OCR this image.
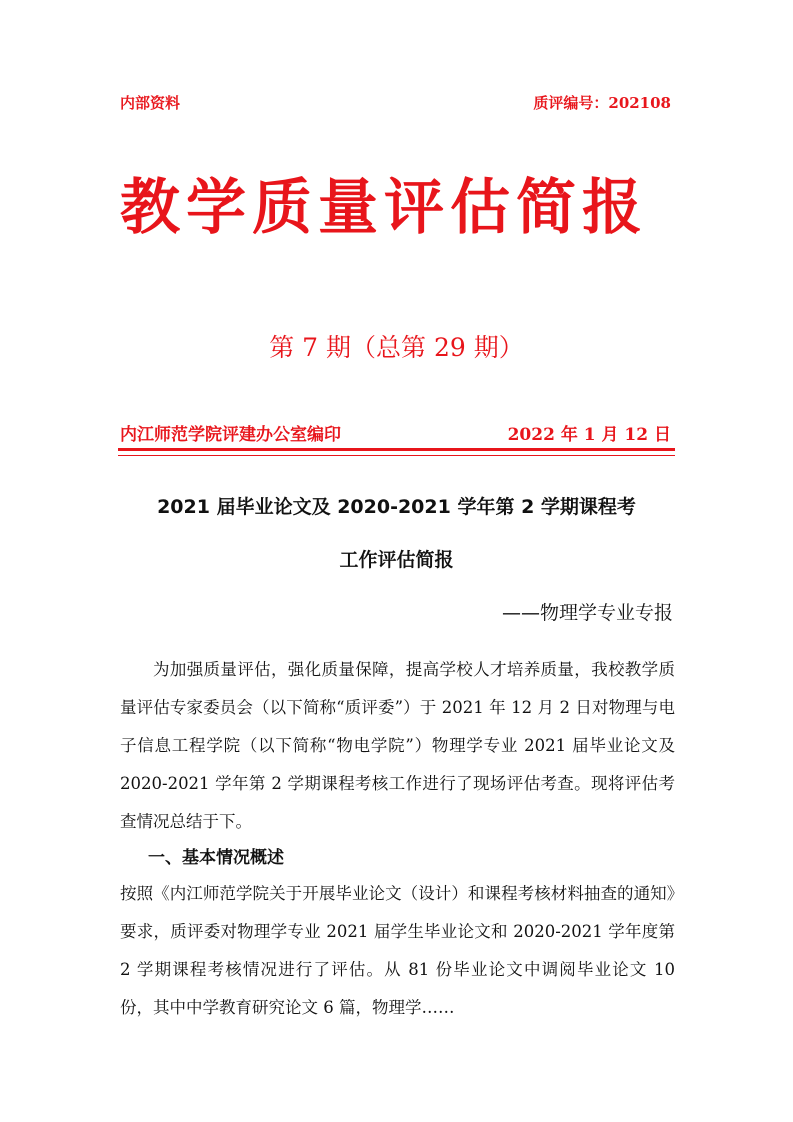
内部资料	质评编号：202108
教学质量评估简报
第 7 期（总第 29 期）
内江师范学院评建办公室编印	2022 年 1 月 12 日
2021 届毕业论文及 2020-2021 学年第 2 学期课程考
工作评估简报
——物理学专业专报
为加强质量评估，强化质量保障，提高学校人才培养质量，我校教学质量评估专家委员会（以下简称“质评委”）于 2021 年 12 月 2 日对物理与电子信息工程学院（以下简称“物电学院”）物理学专业 2021 届毕业论文及 2020-2021 学年第 2 学期课程考核工作进行了现场评估考查。现将评估考查情况总结于下。
一、基本情况概述
按照《内江师范学院关于开展毕业论文（设计）和课程考核材料抽查的通知》要求，质评委对物理学专业 2021 届学生毕业论文和 2020-2021 学年度第 2 学期课程考核情况进行了评估。从 81 份毕业论文中调阅毕业论文 10 份，其中中学教育研究论文 6 篇，物理学……
